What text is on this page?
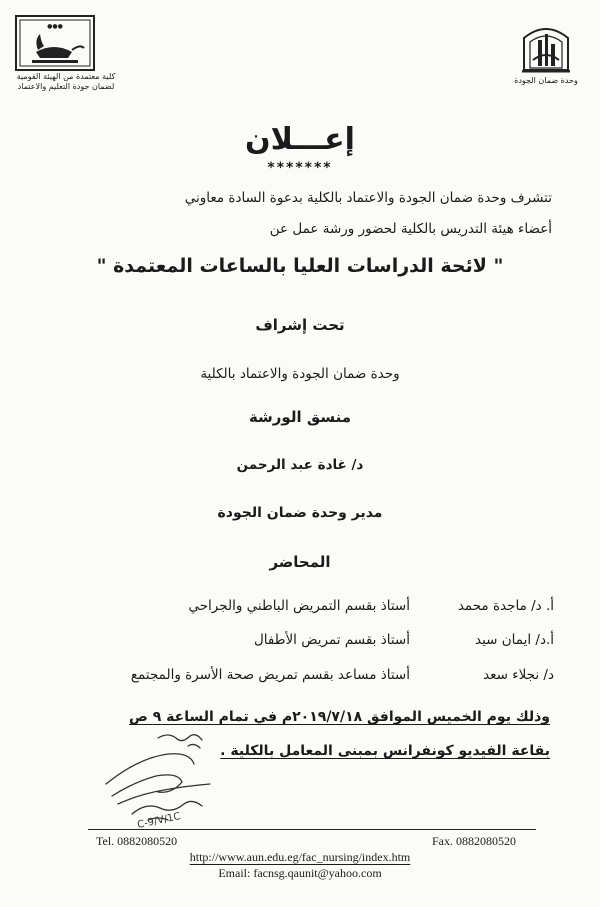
●●●
كلية معتمدة من الهيئة القومية
لضمان جودة التعليم والاعتماد
وحدة ضمان الجودة
إعـــلان
*******
تتشرف وحدة ضمان الجودة والاعتماد بالكلية بدعوة السادة معاوني
أعضاء هيئة التدريس بالكلية لحضور ورشة عمل عن
" لائحة الدراسات العليا بالساعات المعتمدة "
تحت إشراف
وحدة ضمان الجودة والاعتماد بالكلية
منسق الورشة
د/ غادة عبد الرحمن
مدير وحدة ضمان الجودة
المحاضر
أ. د/ ماجدة محمد
أستاذ بقسم التمريض الباطني والجراحي
أ.د/ ايمان سيد
أستاذ بقسم تمريض الأطفال
د/ نجلاء سعد
أستاذ مساعد بقسم تمريض صحة الأسرة والمجتمع
وذلك يوم الخميس الموافق ٢٠١٩/٧/١٨م في تمام الساعة ٩ ص
بقاعة الفيديو كونفرانس بمبنى المعامل بالكلية .
C-9/V/1C
Tel. 0882080520	Fax. 0882080520
http://www.aun.edu.eg/fac_nursing/index.htm
Email: facnsg.qaunit@yahoo.com
